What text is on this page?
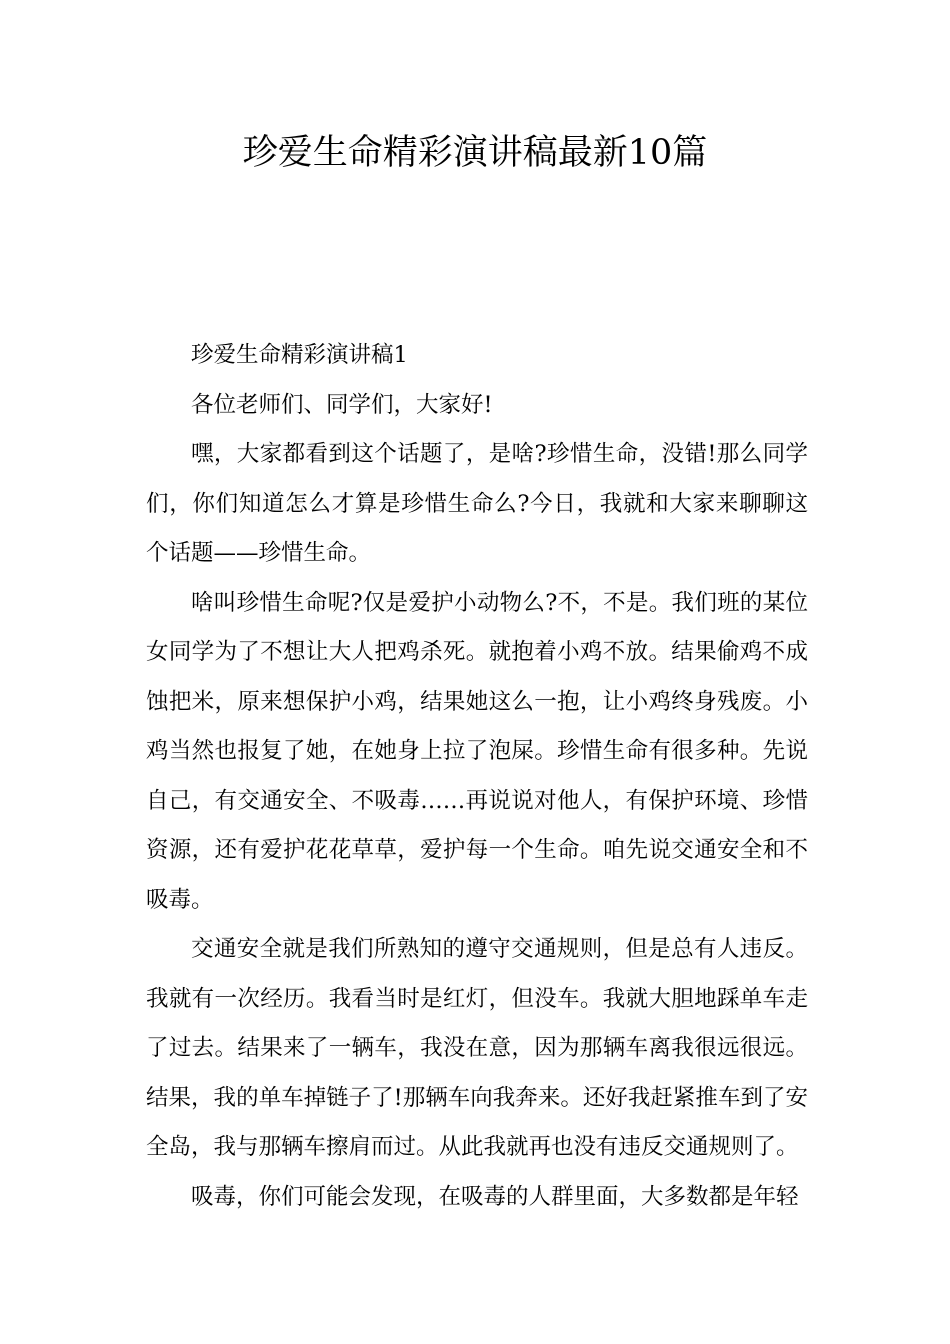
珍爱生命精彩演讲稿最新10篇

珍爱生命精彩演讲稿1

各位老师们、同学们，大家好!

嘿，大家都看到这个话题了，是啥?珍惜生命，没错!那么同学们，你们知道怎么才算是珍惜生命么?今日，我就和大家来聊聊这个话题——珍惜生命。

啥叫珍惜生命呢?仅是爱护小动物么?不，不是。我们班的某位女同学为了不想让大人把鸡杀死。就抱着小鸡不放。结果偷鸡不成蚀把米，原来想保护小鸡，结果她这么一抱，让小鸡终身残废。小鸡当然也报复了她，在她身上拉了泡屎。珍惜生命有很多种。先说自己，有交通安全、不吸毒……再说说对他人，有保护环境、珍惜资源，还有爱护花花草草，爱护每一个生命。咱先说交通安全和不吸毒。

交通安全就是我们所熟知的遵守交通规则，但是总有人违反。我就有一次经历。我看当时是红灯，但没车。我就大胆地踩单车走了过去。结果来了一辆车，我没在意，因为那辆车离我很远很远。结果，我的单车掉链子了!那辆车向我奔来。还好我赶紧推车到了安全岛，我与那辆车擦肩而过。从此我就再也没有违反交通规则了。

吸毒，你们可能会发现，在吸毒的人群里面，大多数都是年轻
